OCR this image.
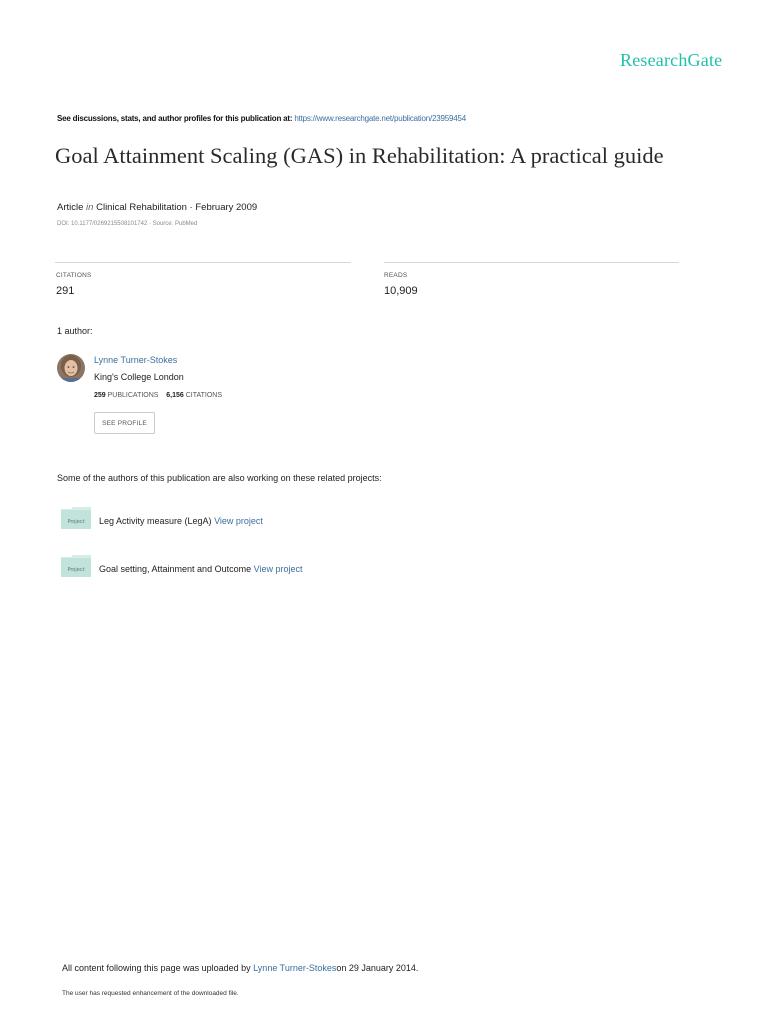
ResearchGate
See discussions, stats, and author profiles for this publication at: https://www.researchgate.net/publication/23959454
Goal Attainment Scaling (GAS) in Rehabilitation: A practical guide
Article in Clinical Rehabilitation · February 2009
DOI: 10.1177/0269215508101742 · Source: PubMed
CITATIONS
291
READS
10,909
1 author:
Lynne Turner-Stokes
King's College London
259 PUBLICATIONS 6,156 CITATIONS
SEE PROFILE
Some of the authors of this publication are also working on these related projects:
Project Leg Activity measure (LegA) View project
Project Goal setting, Attainment and Outcome View project
All content following this page was uploaded by Lynne Turner-Stokeson 29 January 2014.
The user has requested enhancement of the downloaded file.
